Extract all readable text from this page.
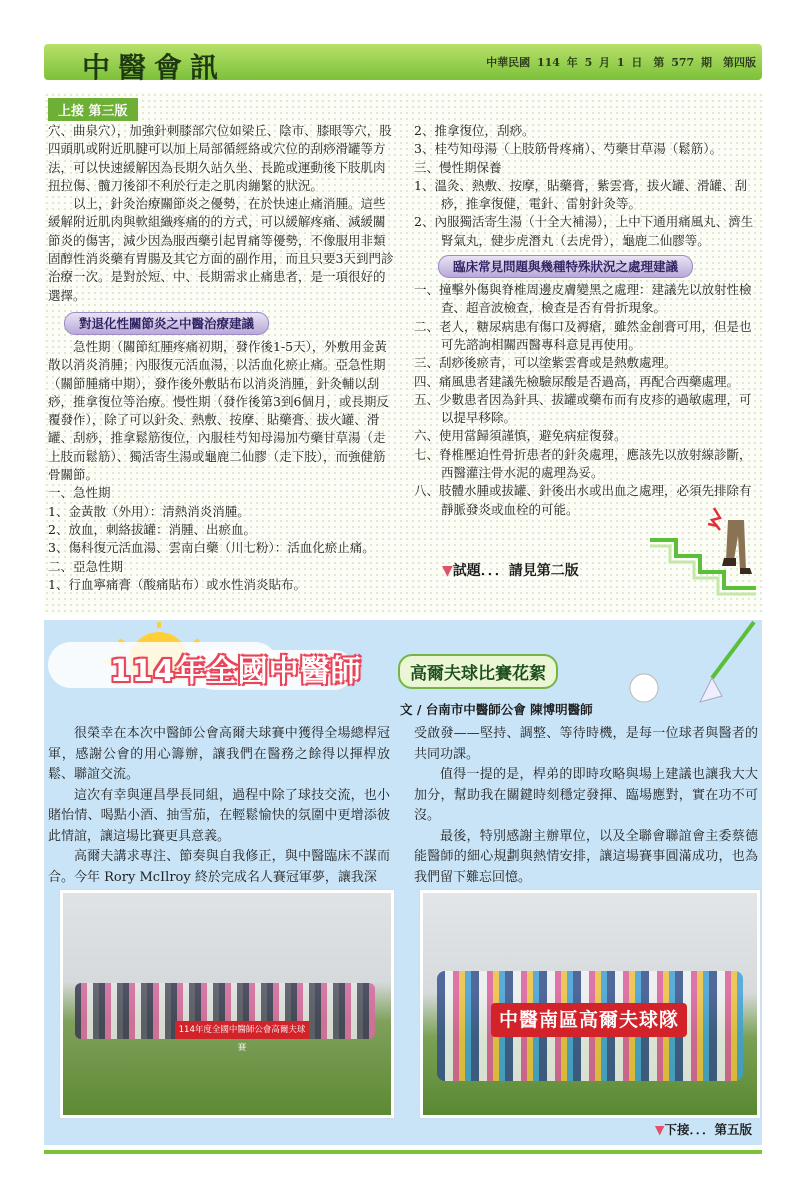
中醫會訊	中華民國 114 年 5 月 1 日　第 577 期　第四版
上接 第三版

穴、曲泉穴），加強針刺膝部穴位如梁丘、陰市、膝眼等穴，股四頭肌或附近肌腱可以加上局部循經絡或穴位的刮痧滑罐等方法，可以快速緩解因為長期久站久坐、長跪或運動後下肢肌肉扭拉傷、髖刀後卻不利於行走之肌肉繃緊的狀況。

以上，針灸治療關節炎之優勢，在於快速止痛消腫。這些緩解附近肌肉與軟組織疼痛的的方式，可以緩解疼痛、減緩關節炎的傷害，減少因為服西藥引起胃痛等優勢，不像服用非類固醇性消炎藥有胃腸及其它方面的副作用，而且只要3天到門診治療一次。是對於短、中、長期需求止痛患者，是一項很好的選擇。

對退化性關節炎之中醫治療建議

急性期（關節紅腫疼痛初期，發作後1-5天），外敷用金黃散以消炎消腫；內服復元活血湯，以活血化瘀止痛。亞急性期（關節腫痛中期），發作後外敷貼布以消炎消腫，針灸輔以刮痧，推拿復位等治療。慢性期（發作後第3到6個月，或長期反覆發作），除了可以針灸、熱敷、按摩、貼藥膏、拔火罐、滑罐、刮痧，推拿鬆筋復位，內服桂芍知母湯加芍藥甘草湯（走上肢而鬆筋）、獨活寄生湯或龜鹿二仙膠（走下肢），而強健筋骨關節。

一、急性期
1、金黃散（外用）：清熱消炎消腫。
2、放血，刺絡拔罐：消腫、出瘀血。
3、傷科復元活血湯、雲南白藥（川七粉）：活血化瘀止痛。
二、亞急性期
1、行血寧痛膏（酸痛貼布）或水性消炎貼布。
2、推拿復位，刮痧。
3、桂芍知母湯（上肢筋骨疼痛）、芍藥甘草湯（鬆筋）。
三、慢性期保養
1、溫灸、熱敷、按摩，貼藥膏，紫雲膏，拔火罐、滑罐、刮痧，推拿復健，電針、雷射針灸等。
2、內服獨活寄生湯（十全大補湯），上中下通用痛風丸、濟生腎氣丸，健步虎潛丸（去虎骨），龜鹿二仙膠等。
臨床常見問題與幾種特殊狀況之處理建議
一、撞擊外傷與脊椎周邊皮膚變黑之處理：建議先以放射性檢查、超音波檢查，檢查是否有骨折現象。
二、老人，糖尿病患有傷口及褥瘡，雖然金創膏可用，但是也可先諮詢相關西醫專科意見再使用。
三、刮痧後瘀青，可以塗紫雲膏或是熱敷處理。
四、痛風患者建議先檢驗尿酸是否過高，再配合西藥處理。
五、少數患者因為針具、拔罐或藥布而有皮疹的過敏處理，可以提早移除。
六、使用當歸須謹慎，避免病症復發。
七、脊椎壓迫性骨折患者的針灸處理，應該先以放射線診斷，西醫灌注骨水泥的處理為妥。
八、肢體水腫或拔罐、針後出水或出血之處理，必須先排除有靜脈發炎或血栓的可能。
▼試題．．．請見第二版
114年全國中醫師	高爾夫球比賽花絮
文 / 台南市中醫師公會 陳博明醫師

很榮幸在本次中醫師公會高爾夫球賽中獲得全場總桿冠軍，感謝公會的用心籌辦，讓我們在醫務之餘得以揮桿放鬆、聯誼交流。

這次有幸與運昌學長同組，過程中除了球技交流，也小賭怡情、喝點小酒、抽雪茄，在輕鬆愉快的氛圍中更增添彼此情誼，讓這場比賽更具意義。

高爾夫講求專注、節奏與自我修正，與中醫臨床不謀而合。今年 Rory McIlroy 終於完成名人賽冠軍夢，讓我深

受啟發——堅持、調整、等待時機，是每一位球者與醫者的共同功課。

值得一提的是，桿弟的即時攻略與場上建議也讓我大大加分，幫助我在關鍵時刻穩定發揮、臨場應對，實在功不可沒。

最後，特別感謝主辦單位，以及全聯會聯誼會主委蔡德能醫師的細心規劃與熱情安排，讓這場賽事圓滿成功，也為我們留下難忘回憶。

114年度全國中醫師公會高爾夫球賽
中醫南區高爾夫球隊
▼下接．．．第五版
